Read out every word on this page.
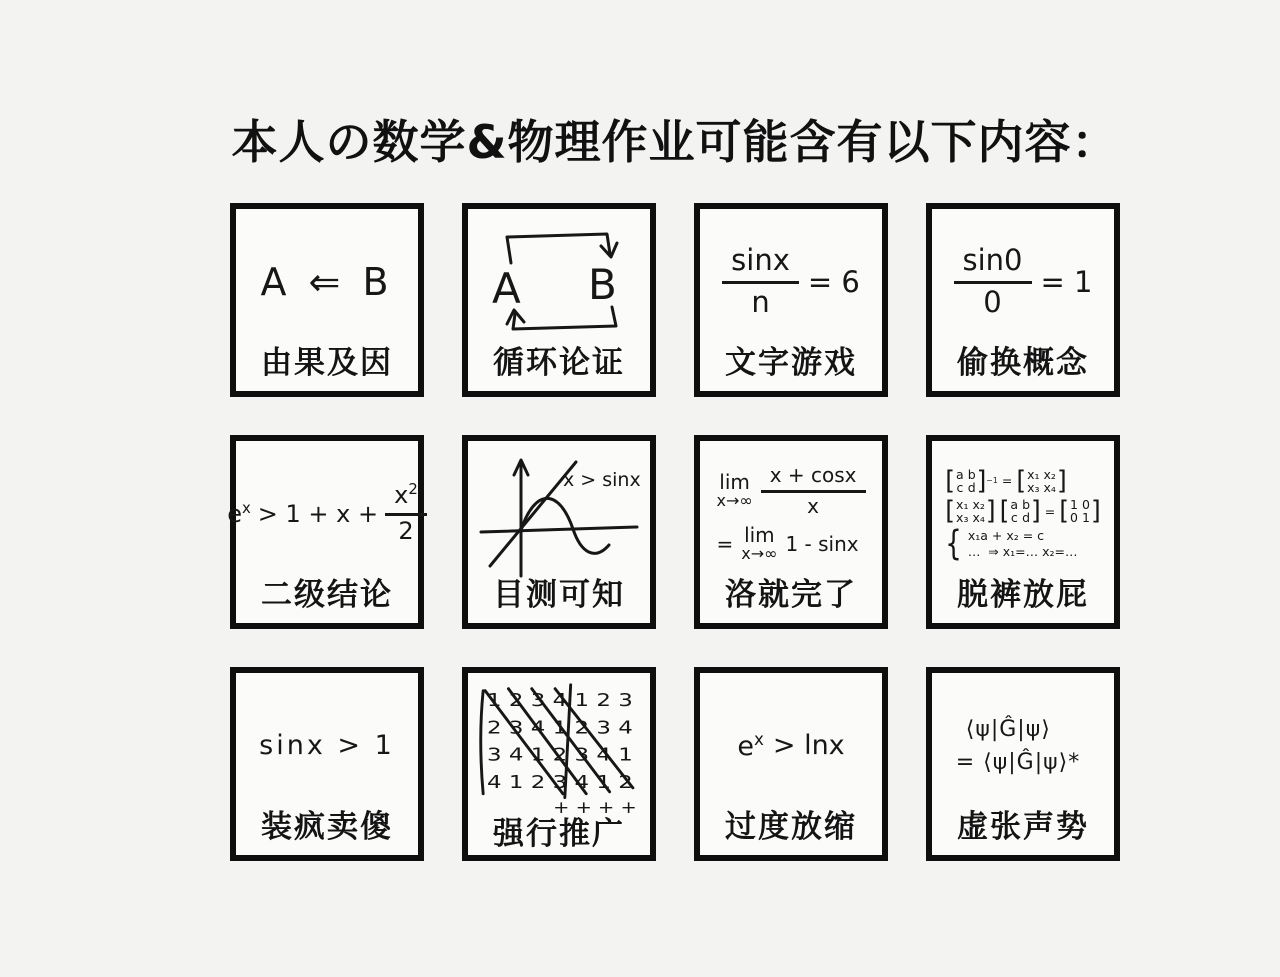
本人の数学&物理作业可能含有以下内容：
A ⇐ B
由果及因
A B
循环论证
$\frac{\sin x}{n} = 6$
文字游戏
$\frac{\sin 0}{0} = 1$
偷换概念
$e^x > 1 + x + \frac{x^2}{2}$
二级结论
x > sinx
目测可知
lim
$x\to\infty \frac{x + \cos x}{x}$
= lim
x→∞ 1 - sinx
洛就完了
[ a b
c d ] −1 = [ x₁ x₂
x₃ x₄ ]
[ x₁ x₂
x₃ x₄ ] [ a b
c d ] = [ 1 0
0 1 ]
{ x₁a + x₂ = c
…  ⇒ x₁=… x₂=…
脱裤放屁
sinx > 1
装疯卖傻
1 2 3 4 1 2 3
2 3 4 1 2 3 4
3 4 1 2 3 4 1
4 1 2 3 4 1 2
+ + + +
强行推广
$e^x > \ln x$
过度放缩
⟨ψ|Ĝ|ψ⟩
= ⟨ψ|Ĝ|ψ⟩*
虚张声势
